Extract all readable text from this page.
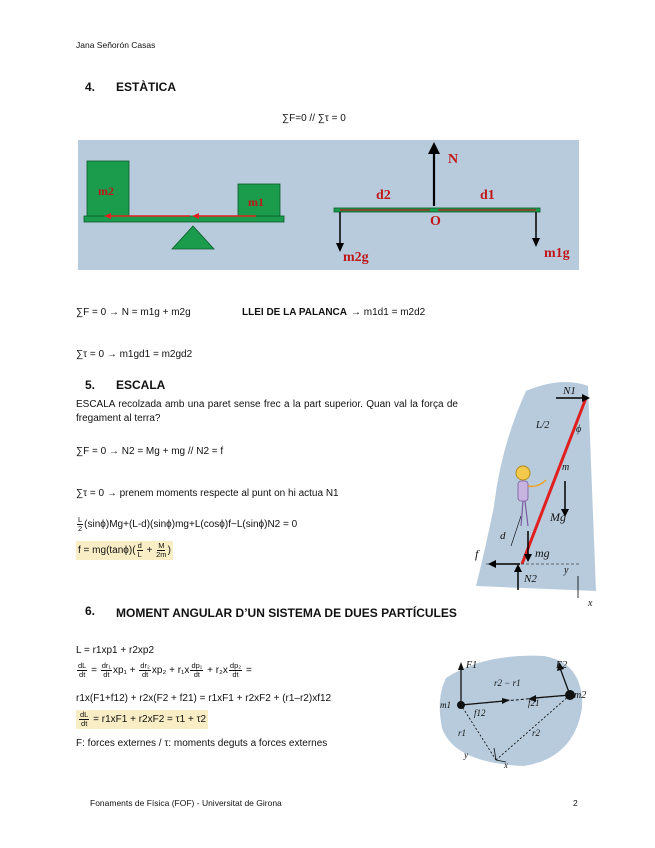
Jana Señorón Casas
4. ESTÀTICA
∑F=0 // ∑τ = 0
m2
m1
N
d2	d1
O
m2g	m1g
∑F = 0 → N = m1g + m2g	LLEI DE LA PALANCA → m1d1 = m2d2
∑τ = 0 → m1gd1 = m2gd2
5. ESCALA
ESCALA recolzada amb una paret sense frec a la part superior. Quan val la força de fregament al terra?
∑F = 0 → N2 = Mg + mg // N2 = f
∑τ = 0 → prenem moments respecte al punt on hi actua N1
$\frac{L}{2} (\sin\phi)Mg+(L-d)(\sin\phi)mg+L(\cos\phi)f-L(\sin\phi)N2 = 0$
$f = mg(\tan\phi)( \frac{d}{L} + \frac{M}{2m}$ )
N1
L/2	ϕ
m
Mg
d
mg
f
N2
y
x
6. MOMENT ANGULAR D’UN SISTEMA DE DUES PARTÍCULES
L = r1xp1 + r2xp2
$\frac{dL}{dt} = \frac{\text{dr₁}}{dt} xp_1 + \frac{\text{dr₂}}{dt} xp_2 + r_1x \frac{\text{dp₁}}{dt} + r_2x \frac{\text{dp₂}}{dt}$ =
r1x(F1+f12) + r2x(F2 + f21) = r1xF1 + r2xF2 + (r1–r2)xf12
$\frac{dL}{dt} = r1xF1 + r2xF2 = \tau 1 + \tau 2$
F: forces externes / τ: moments deguts a forces externes
F1	F2
r2 − r1
m1
m2
f12
f21
r1	r2
y
x
Fonaments de Física (FOF) - Universitat de Girona	2
